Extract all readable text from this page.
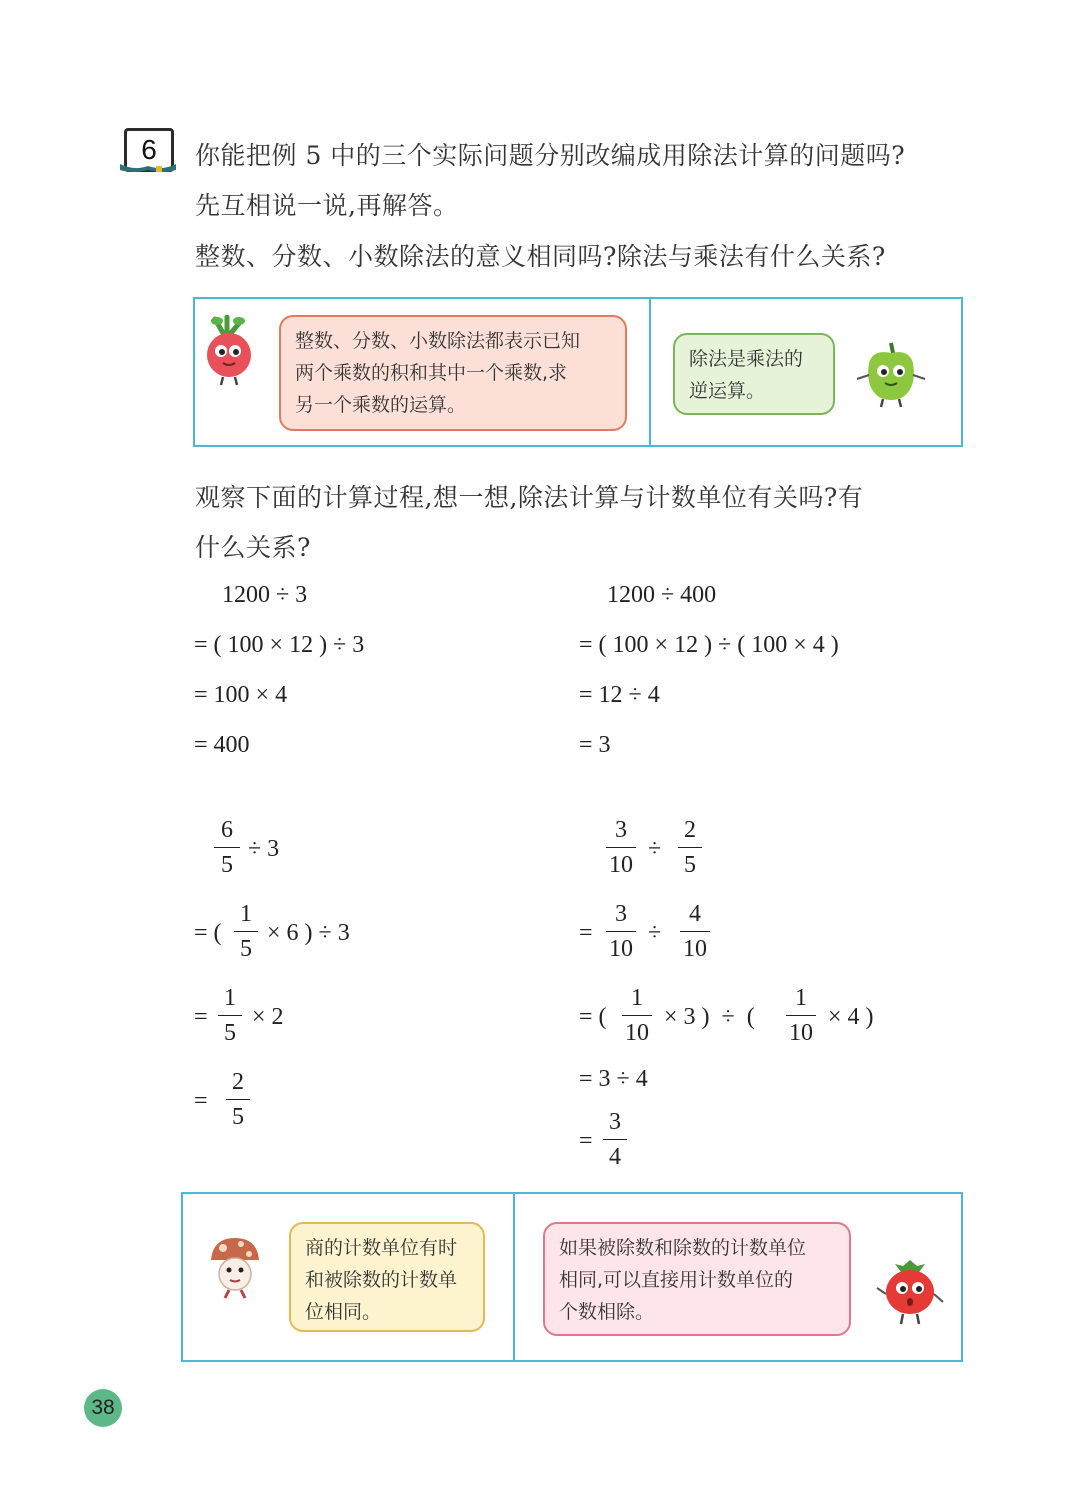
6	你能把例 5 中的三个实际问题分别改编成用除法计算的问题吗?
先互相说一说,再解答。
整数、分数、小数除法的意义相同吗?除法与乘法有什么关系?
整数、分数、小数除法都表示已知
两个乘数的积和其中一个乘数,求
另一个乘数的运算。
除法是乘法的
逆运算。
观察下面的计算过程,想一想,除法计算与计数单位有关吗?有
什么关系?
1200 ÷ 3
= ( 100 × 12 ) ÷ 3
= 100 × 4
= 400
1200 ÷ 400
= ( 100 × 12 ) ÷ ( 100 × 4 )
= 12 ÷ 4
= 3
6
5
÷ 3
= (
1
5
× 6 ) ÷ 3
=
1
5
× 2
=
2
5
3
10
÷
2
5
=
3
10
÷
4
10
= (
1
10
× 3 )  ÷  (
1
10
× 4 )
= 3 ÷ 4
=
3
4
商的计数单位有时
和被除数的计数单
位相同。
如果被除数和除数的计数单位
相同,可以直接用计数单位的
个数相除。
38
